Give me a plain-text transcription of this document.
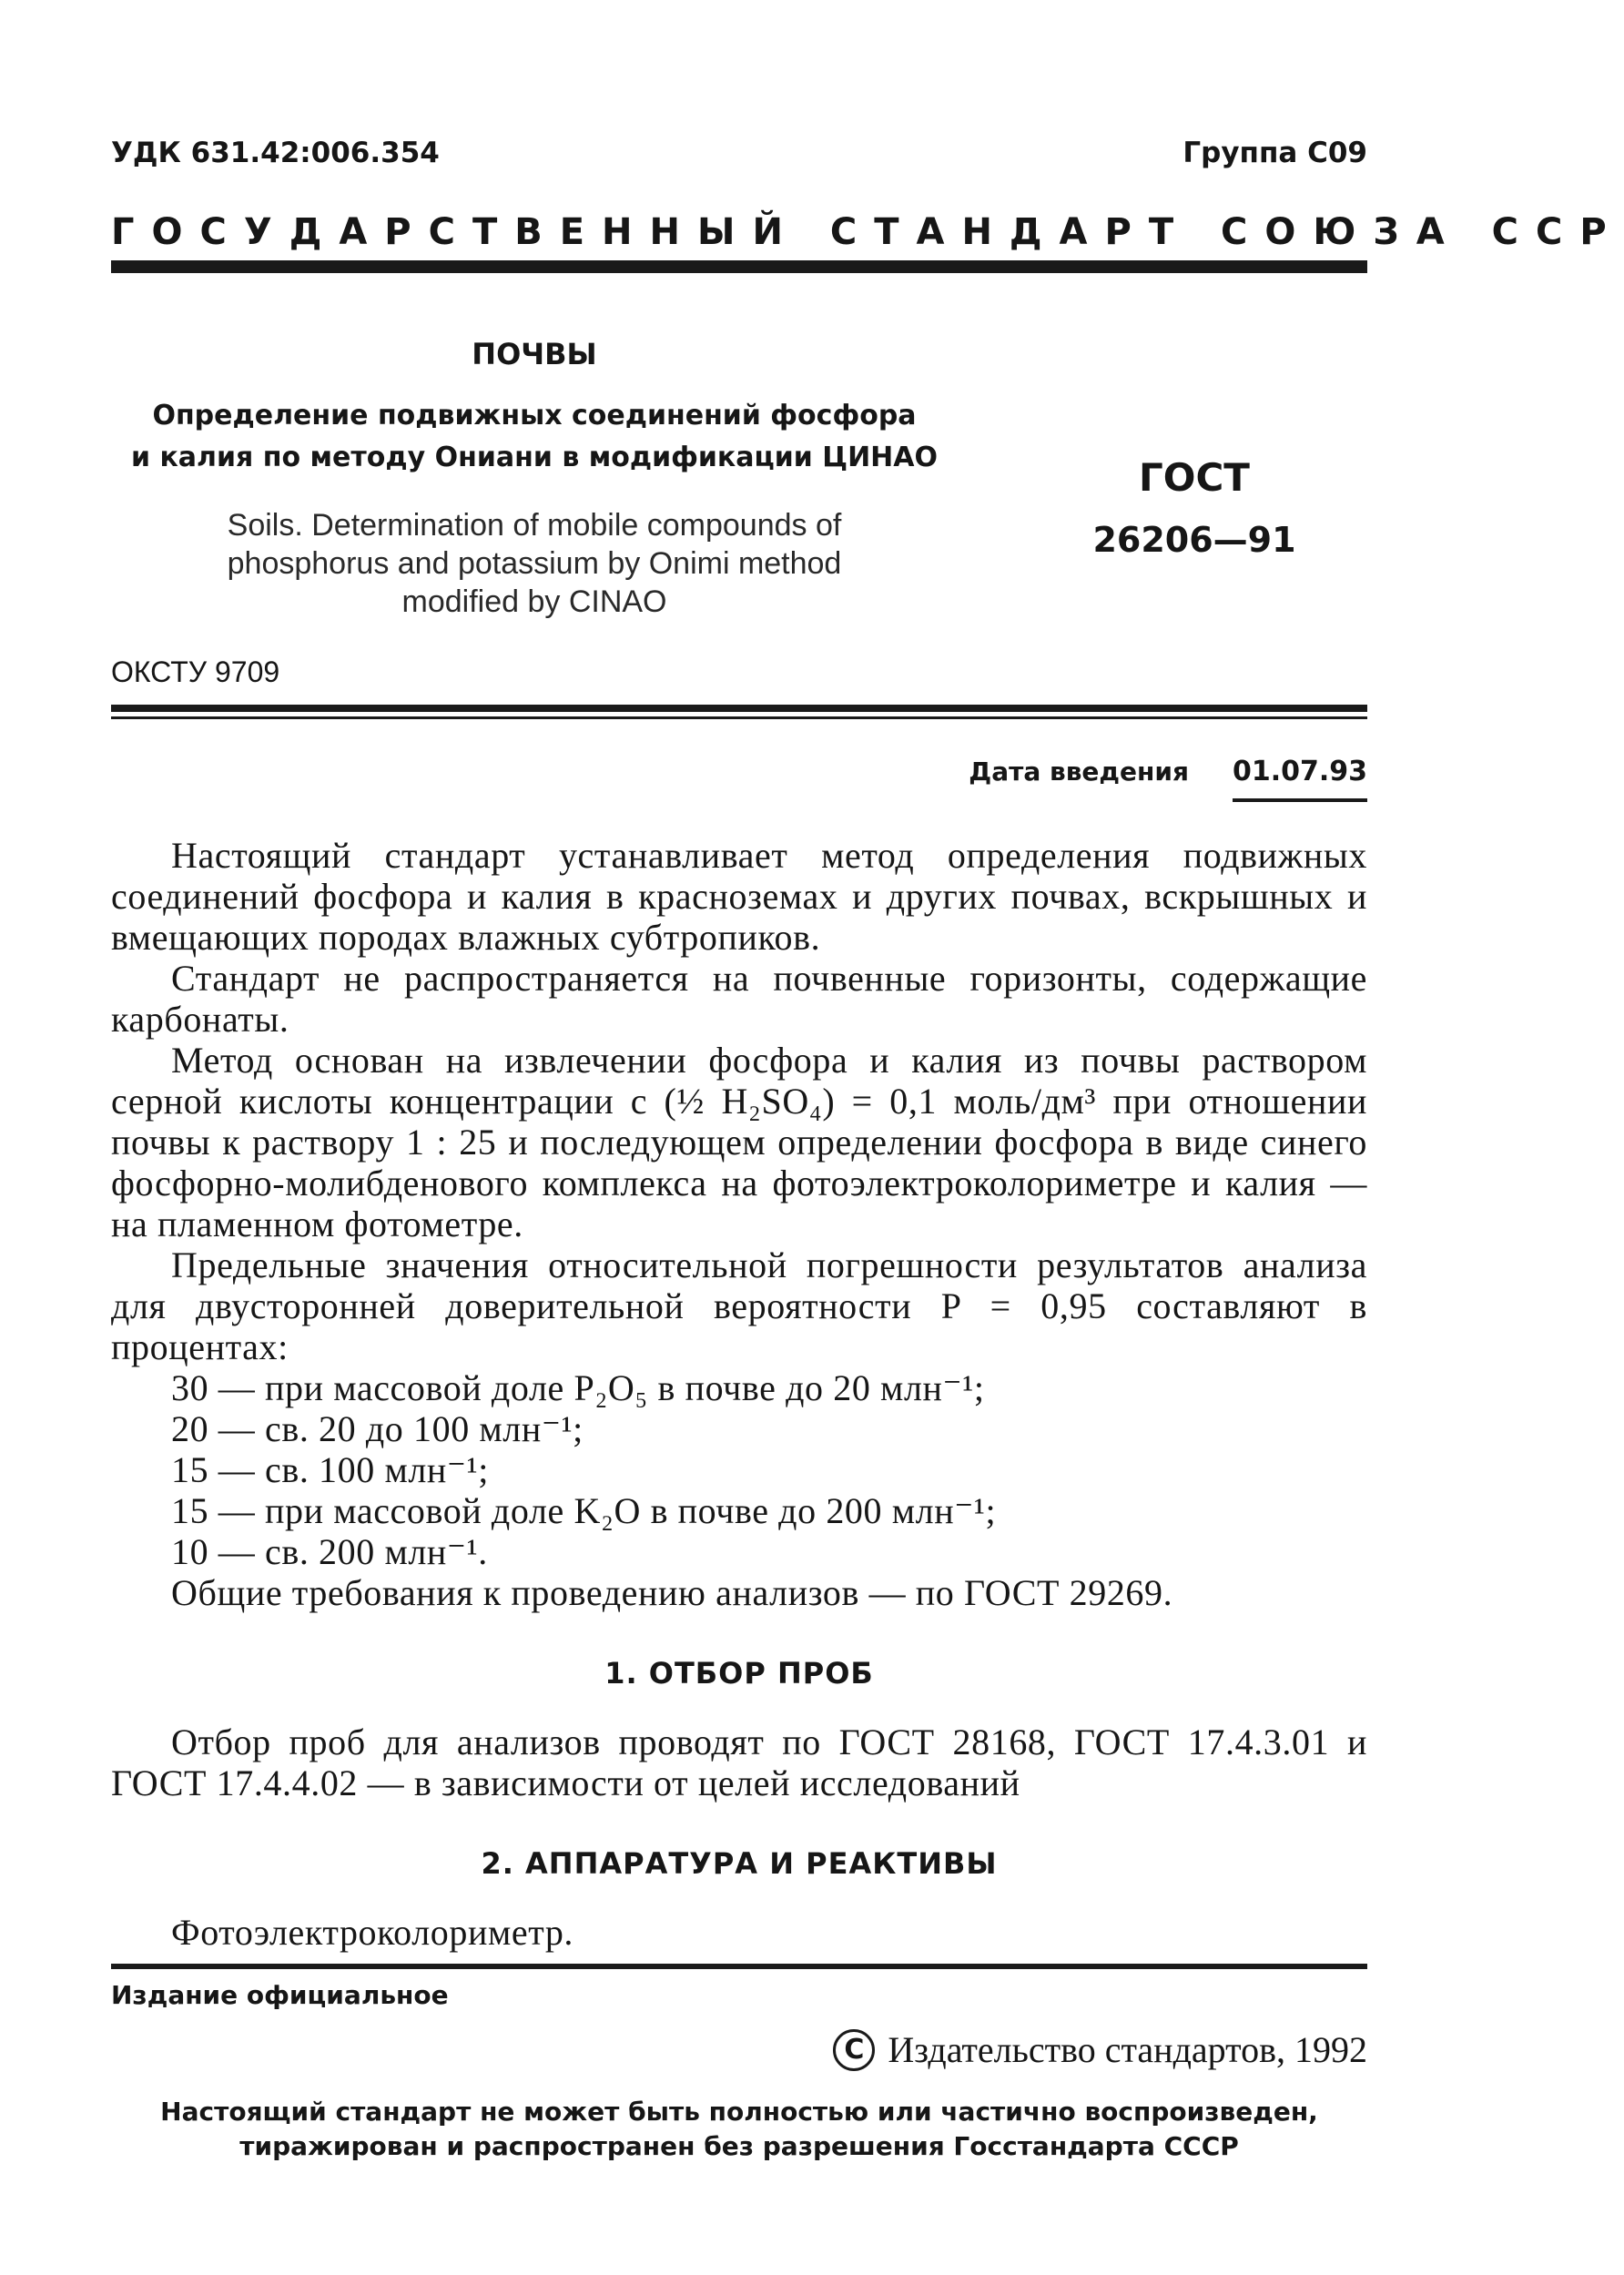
УДК 631.42:006.354	Группа С09
ГОСУДАРСТВЕННЫЙ СТАНДАРТ СОЮЗА ССР
ПОЧВЫ
Определение подвижных соединений фосфора
и калия по методу Ониани в модификации ЦИНАО
Soils. Determination of mobile compounds of
phosphorus and potassium by Onimi method
modified by CINAO
ГОСТ
26206—91
ОКСТУ 9709
Дата введения 01.07.93

Настоящий стандарт устанавливает метод определения подвижных соединений фосфора и калия в красноземах и других почвах, вскрышных и вмещающих породах влажных субтропиков.

Стандарт не распространяется на почвенные горизонты, содержащие карбонаты.

Метод основан на извлечении фосфора и калия из почвы раствором серной кислоты концентрации c (½ H₂SO₄) = 0,1 моль/дм³ при отношении почвы к раствору 1 : 25 и последующем определении фосфора в виде синего фосфорно-молибденового комплекса на фотоэлектроколориметре и калия — на пламенном фотометре.

Предельные значения относительной погрешности результатов анализа для двусторонней доверительной вероятности P = 0,95 составляют в процентах:

30 — при массовой доле P₂O₅ в почве до 20 млн⁻¹;
20 — св. 20 до 100 млн⁻¹;
15 — св. 100 млн⁻¹;
15 — при массовой доле K₂O в почве до 200 млн⁻¹;
10 — св. 200 млн⁻¹.

Общие требования к проведению анализов — по ГОСТ 29269.

1. ОТБОР ПРОБ

Отбор проб для анализов проводят по ГОСТ 28168, ГОСТ 17.4.3.01 и ГОСТ 17.4.4.02 — в зависимости от целей исследований

2. АППАРАТУРА И РЕАКТИВЫ

Фотоэлектроколориметр.

Издание официальное
C Издательство стандартов, 1992
Настоящий стандарт не может быть полностью или частично воспроизведен,
тиражирован и распространен без разрешения Госстандарта СССР
